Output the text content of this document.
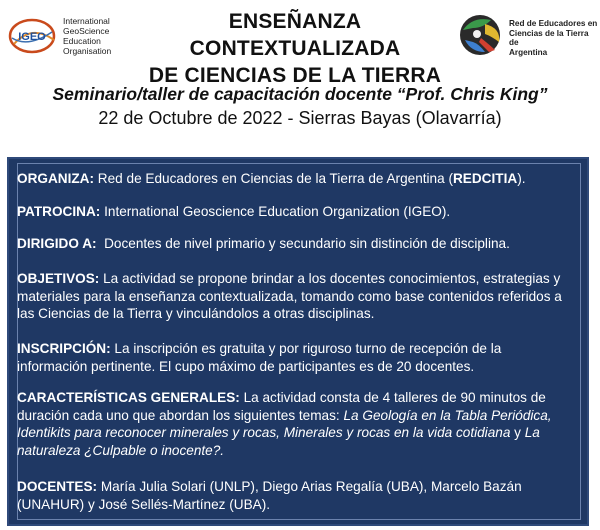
IGEO
International
GeoScience
Education
Organisation
ENSEÑANZA CONTEXTUALIZADA
DE CIENCIAS DE LA TIERRA
Red de Educadores en
Ciencias de la Tierra de
Argentina
Seminario/taller de capacitación docente “Prof. Chris King”
22 de Octubre de 2022 - Sierras Bayas (Olavarría)
ORGANIZA: Red de Educadores en Ciencias de la Tierra de Argentina (REDCITIA).
PATROCINA: International Geoscience Education Organization (IGEO).
DIRIGIDO A:  Docentes de nivel primario y secundario sin distinción de disciplina.
OBJETIVOS: La actividad se propone brindar a los docentes conocimientos, estrategias y materiales para la enseñanza contextualizada, tomando como base contenidos referidos a las Ciencias de la Tierra y vinculándolos a otras disciplinas.
INSCRIPCIÓN: La inscripción es gratuita y por riguroso turno de recepción de la información pertinente. El cupo máximo de participantes es de 20 docentes.
CARACTERÍSTICAS GENERALES: La actividad consta de 4 talleres de 90 minutos de duración cada uno que abordan los siguientes temas: La Geología en la Tabla Periódica, Identikits para reconocer minerales y rocas, Minerales y rocas en la vida cotidiana y La naturaleza ¿Culpable o inocente?.
DOCENTES: María Julia Solari (UNLP), Diego Arias Regalía (UBA), Marcelo Bazán (UNAHUR) y José Sellés-Martínez (UBA).
